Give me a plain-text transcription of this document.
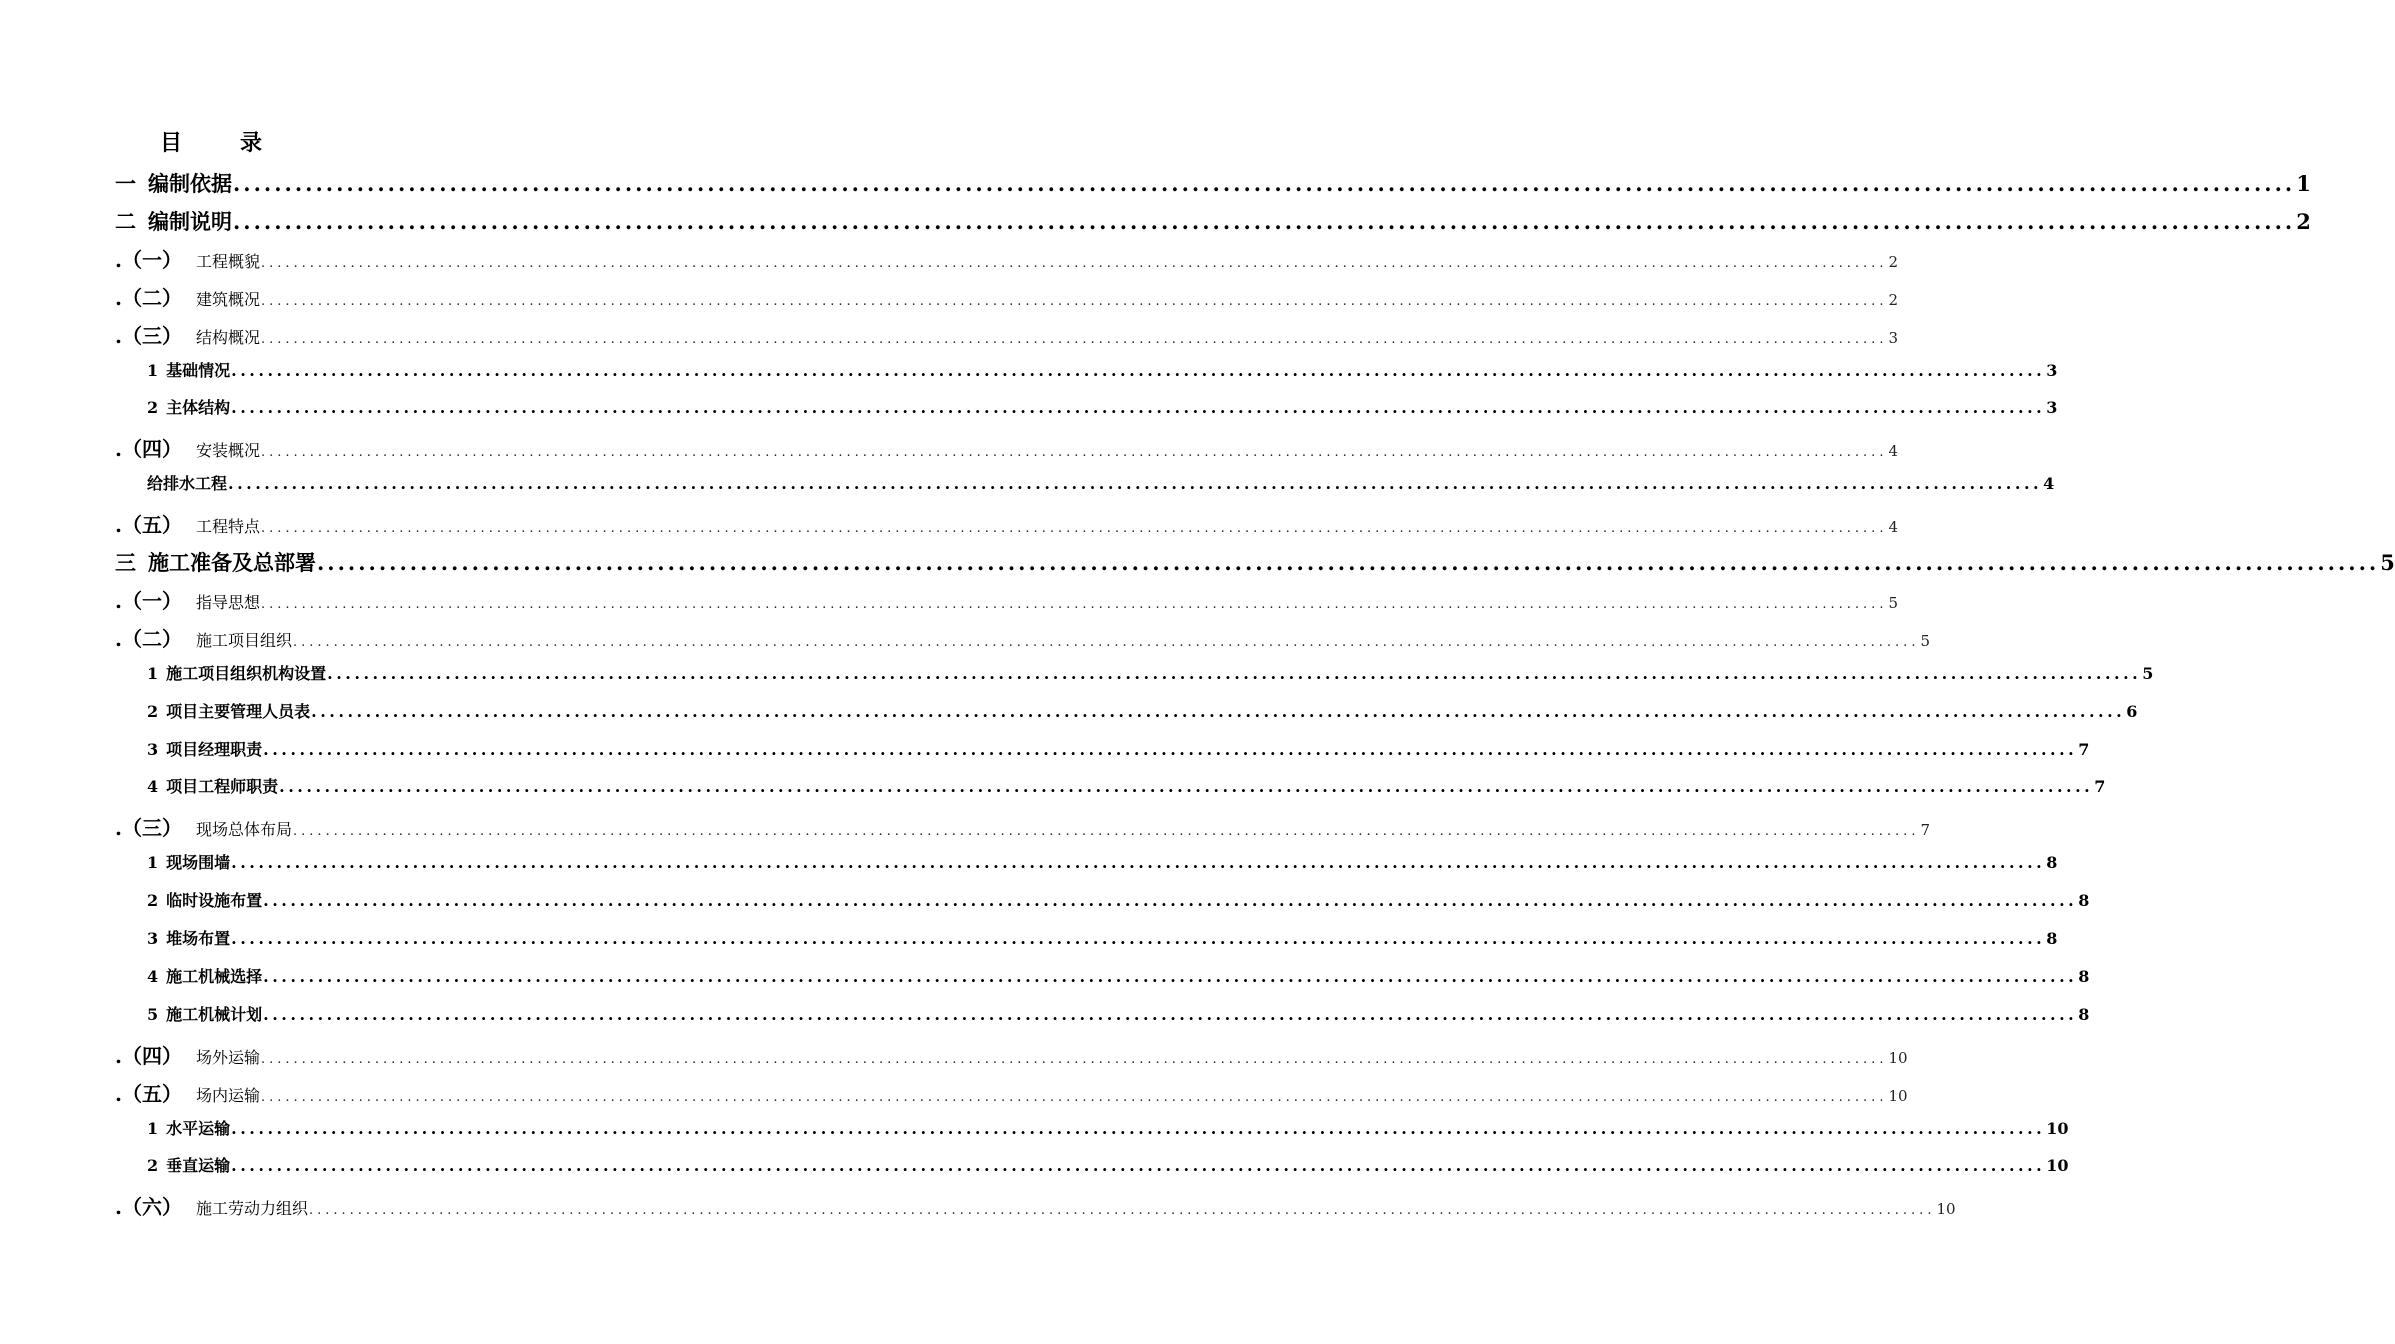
目	录
一 编制依据 ........................................................................................................................................................................................................ 1
二 编制说明 ........................................................................................................................................................................................................ 2
.（一） 工程概貌 ........................................................................................................................................................................................................ 2
.（二） 建筑概况 ........................................................................................................................................................................................................ 2
.（三） 结构概况 ........................................................................................................................................................................................................ 3
1 基础情况 ........................................................................................................................................................................................................ 3
2 主体结构 ........................................................................................................................................................................................................ 3
.（四） 安装概况 ........................................................................................................................................................................................................ 4
给排水工程 ........................................................................................................................................................................................................ 4
.（五） 工程特点 ........................................................................................................................................................................................................ 4
三 施工准备及总部署 ........................................................................................................................................................................................................ 5
.（一） 指导思想 ........................................................................................................................................................................................................ 5
.（二） 施工项目组织 ........................................................................................................................................................................................................ 5
1 施工项目组织机构设置 ........................................................................................................................................................................................................ 5
2 项目主要管理人员表 ........................................................................................................................................................................................................ 6
3 项目经理职责 ........................................................................................................................................................................................................ 7
4 项目工程师职责 ........................................................................................................................................................................................................ 7
.（三） 现场总体布局 ........................................................................................................................................................................................................ 7
1 现场围墙 ........................................................................................................................................................................................................ 8
2 临时设施布置 ........................................................................................................................................................................................................ 8
3 堆场布置 ........................................................................................................................................................................................................ 8
4 施工机械选择 ........................................................................................................................................................................................................ 8
5 施工机械计划 ........................................................................................................................................................................................................ 8
.（四） 场外运输 ........................................................................................................................................................................................................ 10
.（五） 场内运输 ........................................................................................................................................................................................................ 10
1 水平运输 ........................................................................................................................................................................................................ 10
2 垂直运输 ........................................................................................................................................................................................................ 10
.（六） 施工劳动力组织 ........................................................................................................................................................................................................ 10
